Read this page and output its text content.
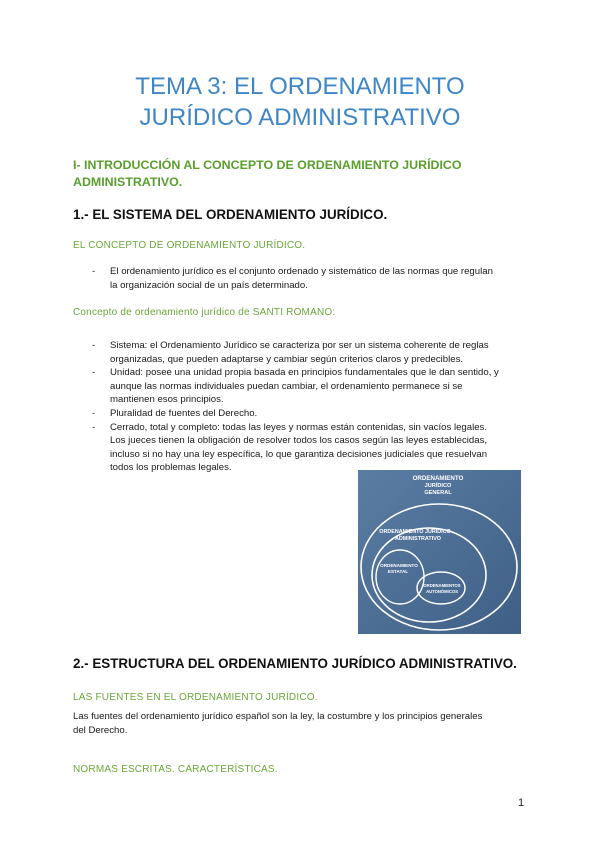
TEMA 3: EL ORDENAMIENTO
JURÍDICO ADMINISTRATIVO

I- INTRODUCCIÓN AL CONCEPTO DE ORDENAMIENTO JURÍDICO
ADMINISTRATIVO.

1.- EL SISTEMA DEL ORDENAMIENTO JURÍDICO.

EL CONCEPTO DE ORDENAMIENTO JURÍDICO.

- El ordenamiento jurídico es el conjunto ordenado y sistemático de las normas que regulan
la organización social de un país determinado.

Concepto de ordenamiento jurídico de SANTI ROMANO:

- Sistema: el Ordenamiento Jurídico se caracteriza por ser un sistema coherente de reglas
organizadas, que pueden adaptarse y cambiar según criterios claros y predecibles.
- Unidad: posee una unidad propia basada en principios fundamentales que le dan sentido, y
aunque las normas individuales puedan cambiar, el ordenamiento permanece si se
mantienen esos principios.
- Pluralidad de fuentes del Derecho.
- Cerrado, total y completo: todas las leyes y normas están contenidas, sin vacíos legales.
Los jueces tienen la obligación de resolver todos los casos según las leyes establecidas,
incluso si no hay una ley específica, lo que garantiza decisiones judiciales que resuelvan
todos los problemas legales.
ORDENAMIENTO
JURÍDICO
GENERAL
ORDENAMIENTO JURÍDICO
ADMINISTRATIVO
ORDENAMIENTO
ESTATAL
ORDENAMIENTOS
AUTONÓMICOS

2.- ESTRUCTURA DEL ORDENAMIENTO JURÍDICO ADMINISTRATIVO.

LAS FUENTES EN EL ORDENAMIENTO JURÍDICO.

Las fuentes del ordenamiento jurídico español son la ley, la costumbre y los principios generales
del Derecho.

NORMAS ESCRITAS. CARACTERÍSTICAS.

1
